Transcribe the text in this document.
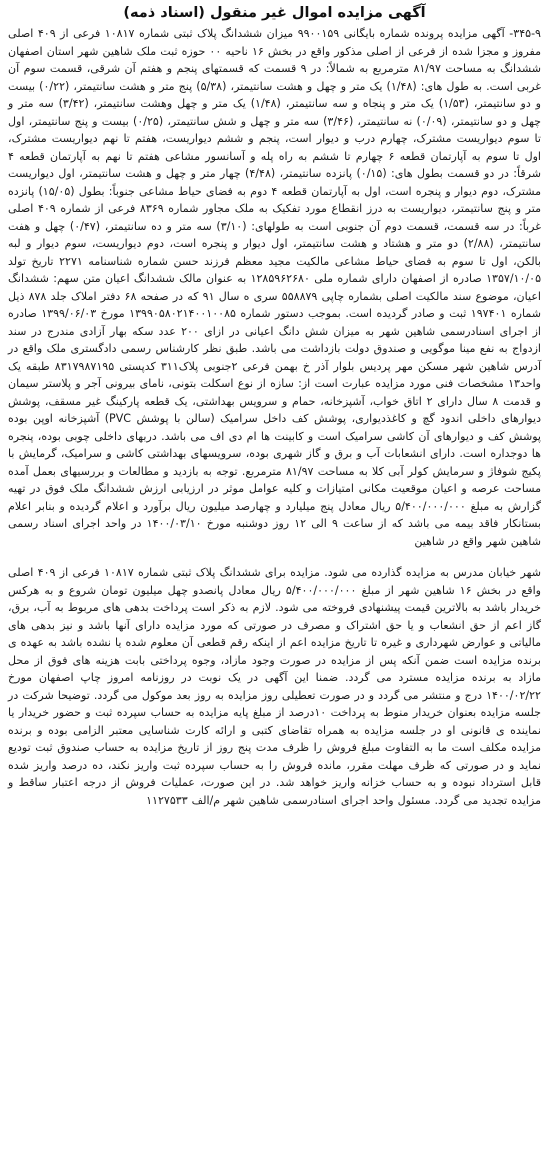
آگهی مزایده اموال غیر منقول (اسناد ذمه)

۳۴۵-۹- آگهی مزایده پرونده شماره بایگانی ۹۹۰۰۱۵۹ میزان ششدانگ پلاک ثبتی شماره ۱۰۸۱۷ فرعی از ۴۰۹ اصلی مفروز و مجزا شده از فرعی از اصلی مذکور واقع در بخش ۱۶ ناحیه ۰۰ حوزه ثبت ملک شاهین شهر استان اصفهان ششدانگ به مساحت ۸۱/۹۷ مترمربع به شمالاً: در ۹ قسمت که قسمتهای پنجم و هفتم آن شرقی، قسمت سوم آن غربی است. به طول های: (۱/۴۸) یک متر و چهل و هشت سانتیمتر، (۵/۳۸) پنج متر و هشت سانتیمتر، (۰/۲۲) بیست و دو سانتیمتر، (۱/۵۳) یک متر و پنجاه و سه سانتیمتر، (۱/۴۸) یک متر و چهل وهشت سانتیمتر، (۳/۴۲) سه متر و چهل و دو سانتیمتر، (۰/۰۹) نه سانتیمتر، (۳/۴۶) سه متر و چهل و شش سانتیمتر، (۰/۲۵) بیست و پنج سانتیمتر، اول تا سوم دیواریست مشترک، چهارم درب و دیوار است، پنجم و ششم دیواریست، هفتم تا نهم دیواریست مشترک، اول تا سوم به آپارتمان قطعه ۶ چهارم تا ششم به راه پله و آسانسور مشاعی هفتم تا نهم به آپارتمان قطعه ۴ شرقاً: در دو قسمت بطول های: (۰/۱۵) پانزده سانتیمتر، (۴/۴۸) چهار متر و چهل و هشت سانتیمتر، اول دیواریست مشترک، دوم دیوار و پنجره است، اول به آپارتمان قطعه ۴ دوم به فضای حیاط مشاعی جنوباً: بطول (۱۵/۰۵) پانزده متر و پنج سانتیمتر، دیواریست به درز انقطاع مورد تفکیک به ملک مجاور شماره ۸۳۶۹ فرعی از شماره ۴۰۹ اصلی غرباً: در سه قسمت، قسمت دوم آن جنوبی است به طولهای: (۳/۱۰) سه متر و ده سانتیمتر، (۰/۴۷) چهل و هفت سانتیمتر، (۲/۸۸) دو متر و هشتاد و هشت سانتیمتر، اول دیوار و پنجره است، دوم دیواریست، سوم دیوار و لبه بالکن، اول تا سوم به فضای حیاط مشاعی مالکیت مجید معظم فرزند حسن شماره شناسنامه ۲۲۷۱ تاریخ تولد ۱۳۵۷/۱۰/۰۵ صادره از اصفهان دارای شماره ملی ۱۲۸۵۹۶۲۶۸۰ به عنوان مالک ششدانگ اعیان متن سهم: ششدانگ اعیان، موضوع سند مالکیت اصلی بشماره چاپی ۵۵۸۸۷۹ سری ه سال ۹۱ که در صفحه ۶۸ دفتر املاک جلد ۸۷۸ ذیل شماره ۱۹۷۴۰۱ ثبت و صادر گردیده است. بموجب دستور شماره ۱۳۹۹۰۵۸۰۲۱۴۰۰۱۰۰۸۵ مورخ ۱۳۹۹/۰۶/۰۳ صادره از اجرای اسنادرسمی شاهین شهر به میزان شش دانگ اعیانی در ازای ۲۰۰ عدد سکه بهار آزادی مندرج در سند ازدواج به نفع مینا موگویی و صندوق دولت بازداشت می باشد. طبق نظر کارشناس رسمی دادگستری ملک واقع در آدرس شاهین شهر مسکن مهر پردیس بلوار آذر خ بهمن فرعی ۲جنوبی پلاک۳۱۱ کدپستی ۸۳۱۷۹۸۷۱۹۵ طبقه یک واحد۱۳ مشخصات فنی مورد مزایده عبارت است از: سازه از نوع اسکلت بتونی، نامای بیرونی آجر و پلاستر سیمان و قدمت ۸ سال دارای ۲ اتاق خواب، آشپزخانه، حمام و سرویس بهداشتی، یک قطعه پارکینگ غیر مسقف، پوشش دیوارهای داخلی اندود گچ و کاغذدیواری، پوشش کف داخل سرامیک (سالن با پوشش PVC) آشپزخانه اوپن بوده پوشش کف و دیوارهای آن کاشی سرامیک است و کابینت ها ام دی اف می باشد. دربهای داخلی چوبی بوده، پنجره ها دوجداره است. دارای انشعابات آب و برق و گاز شهری بوده، سرویسهای بهداشتی کاشی و سرامیک، گرمایش با پکیج شوفاژ و سرمایش کولر آبی کلا به مساحت ۸۱/۹۷ مترمربع. توجه به بازدید و مطالعات و بررسیهای بعمل آمده مساحت عرصه و اعیان موقعیت مکانی امتیازات و کلیه عوامل موثر در ارزیابی ارزش ششدانگ ملک فوق در تهیه گزارش به مبلغ ۵/۴۰۰/۰۰۰/۰۰۰ ریال معادل پنج میلیارد و چهارصد میلیون ریال برآورد و اعلام گردیده و بنابر اعلام بستانکار فاقد بیمه می باشد که از ساعت ۹ الی ۱۲ روز دوشنبه مورخ ۱۴۰۰/۰۳/۱۰ در واحد اجرای اسناد رسمی شاهین شهر واقع در شاهین

شهر خیابان مدرس به مزایده گذارده می شود. مزایده برای ششدانگ پلاک ثبتی شماره ۱۰۸۱۷ فرعی از ۴۰۹ اصلی واقع در بخش ۱۶ شاهین شهر از مبلغ ۵/۴۰۰/۰۰۰/۰۰۰ ریال معادل پانصدو چهل میلیون تومان شروع و به هرکس خریدار باشد به بالاترین قیمت پیشنهادی فروخته می شود. لازم به ذکر است پرداخت بدهی های مربوط به آب، برق، گاز اعم از حق انشعاب و یا حق اشتراک و مصرف در صورتی که مورد مزایده دارای آنها باشد و نیز بدهی های مالیاتی و عوارض شهرداری و غیره تا تاریخ مزایده اعم از اینکه رقم قطعی آن معلوم شده یا نشده باشد به عهده ی برنده مزایده است ضمن آنکه پس از مزایده در صورت وجود مازاد، وجوه پرداختی بابت هزینه های فوق از محل مازاد به برنده مزایده مسترد می گردد. ضمنا این آگهی در یک نوبت در روزنامه امروز چاپ اصفهان مورخ ۱۴۰۰/۰۲/۲۲ درج و منتشر می گردد و در صورت تعطیلی روز مزایده به روز بعد موکول می گردد. توضیحا شرکت در جلسه مزایده بعنوان خریدار منوط به پرداخت ۱۰درصد از مبلغ پایه مزایده به حساب سپرده ثبت و حضور خریدار یا نماینده ی قانونی او در جلسه مزایده به همراه تقاضای کتبی و ارائه کارت شناسایی معتبر الزامی بوده و برنده مزایده مکلف است ما به التفاوت مبلغ فروش را ظرف مدت پنج روز از تاریخ مزایده به حساب صندوق ثبت تودیع نماید و در صورتی که ظرف مهلت مقرر، مانده فروش را به حساب سپرده ثبت واریز نکند، ده درصد واریز شده قابل استرداد نبوده و به حساب خزانه واریز خواهد شد. در این صورت، عملیات فروش از درجه اعتبار ساقط و مزایده تجدید می گردد. مسئول واحد اجرای اسنادرسمی شاهین شهر م/الف ۱۱۲۷۵۳۳
